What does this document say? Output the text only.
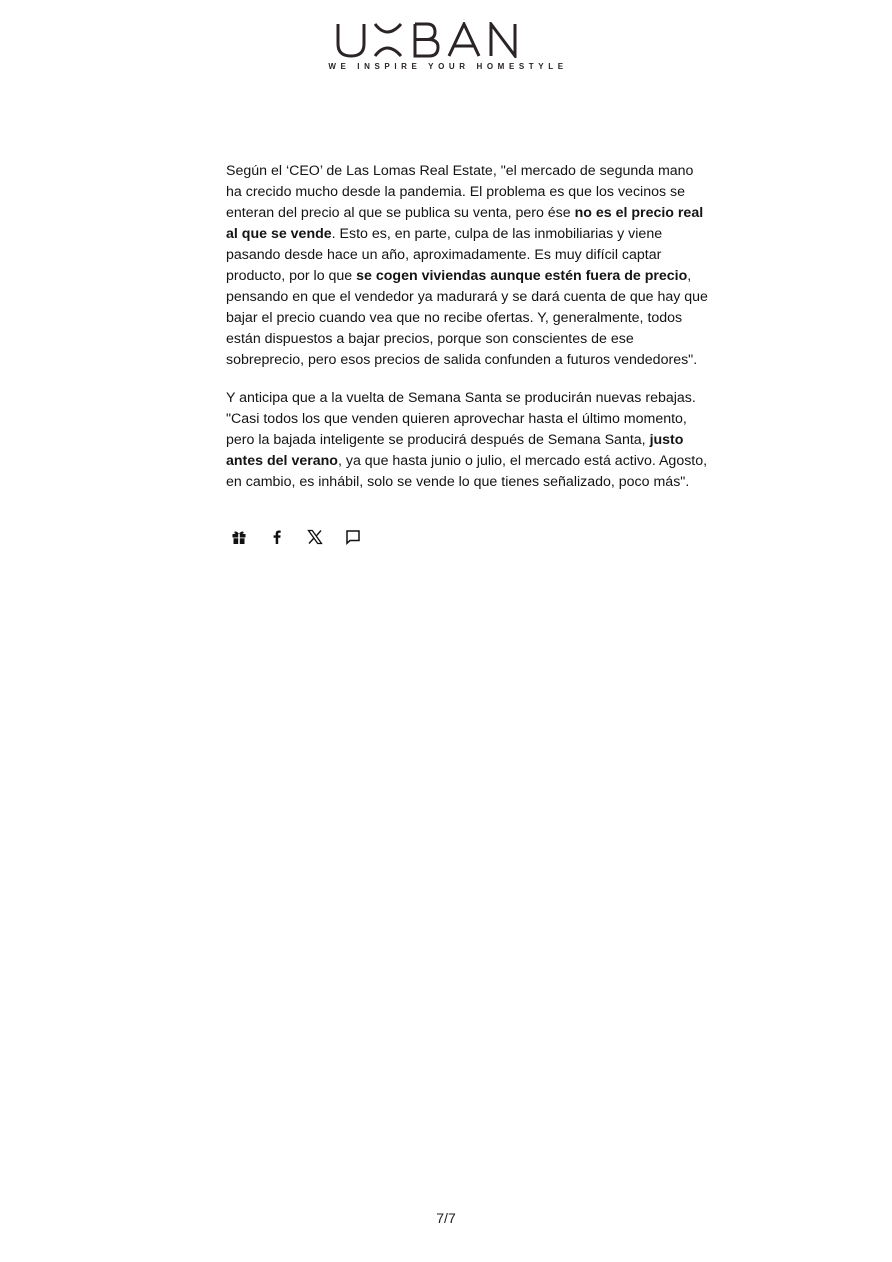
WE INSPIRE YOUR HOMESTYLE

Según el ‘CEO’ de Las Lomas Real Estate, "el mercado de segunda mano ha crecido mucho desde la pandemia. El problema es que los vecinos se enteran del precio al que se publica su venta, pero ése no es el precio real al que se vende. Esto es, en parte, culpa de las inmobiliarias y viene pasando desde hace un año, aproximadamente. Es muy difícil captar producto, por lo que se cogen viviendas aunque estén fuera de precio, pensando en que el vendedor ya madurará y se dará cuenta de que hay que bajar el precio cuando vea que no recibe ofertas. Y, generalmente, todos están dispuestos a bajar precios, porque son conscientes de ese sobreprecio, pero esos precios de salida confunden a futuros vendedores".

Y anticipa que a la vuelta de Semana Santa se producirán nuevas rebajas. "Casi todos los que venden quieren aprovechar hasta el último momento, pero la bajada inteligente se producirá después de Semana Santa, justo antes del verano, ya que hasta junio o julio, el mercado está activo. Agosto, en cambio, es inhábil, solo se vende lo que tienes señalizado, poco más".

7/7
